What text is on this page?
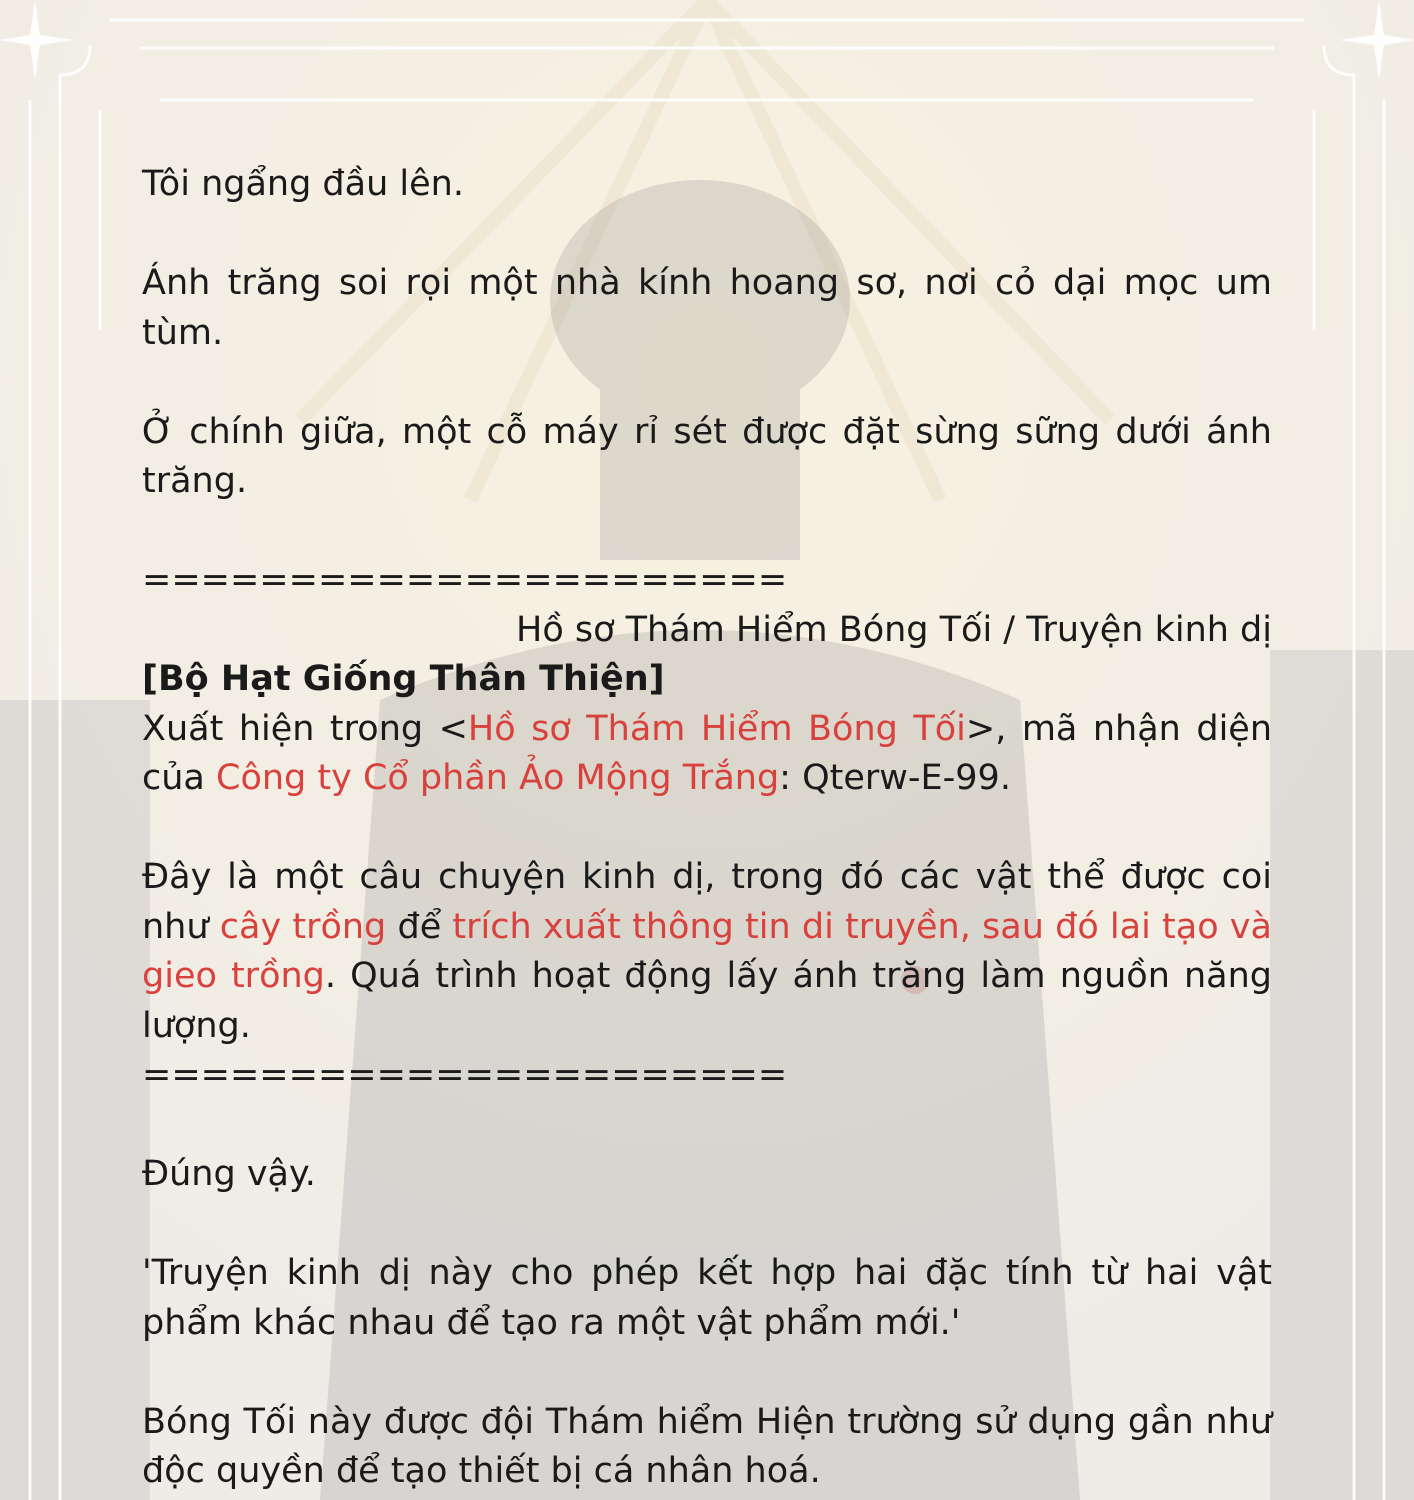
Tôi ngẩng đầu lên.

Ánh trăng soi rọi một nhà kính hoang sơ, nơi cỏ dại mọc um tùm.

Ở chính giữa, một cỗ máy rỉ sét được đặt sừng sững dưới ánh trăng.

======================

Hồ sơ Thám Hiểm Bóng Tối / Truyện kinh dị

[Bộ Hạt Giống Thân Thiện]

Xuất hiện trong <Hồ sơ Thám Hiểm Bóng Tối>, mã nhận diện của Công ty Cổ phần Ảo Mộng Trắng: Qterw-E-99.

Đây là một câu chuyện kinh dị, trong đó các vật thể được coi như cây trồng để trích xuất thông tin di truyền, sau đó lai tạo và gieo trồng. Quá trình hoạt động lấy ánh trăng làm nguồn năng lượng.

======================

Đúng vậy.

'Truyện kinh dị này cho phép kết hợp hai đặc tính từ hai vật phẩm khác nhau để tạo ra một vật phẩm mới.'

Bóng Tối này được đội Thám hiểm Hiện trường sử dụng gần như độc quyền để tạo thiết bị cá nhân hoá.
